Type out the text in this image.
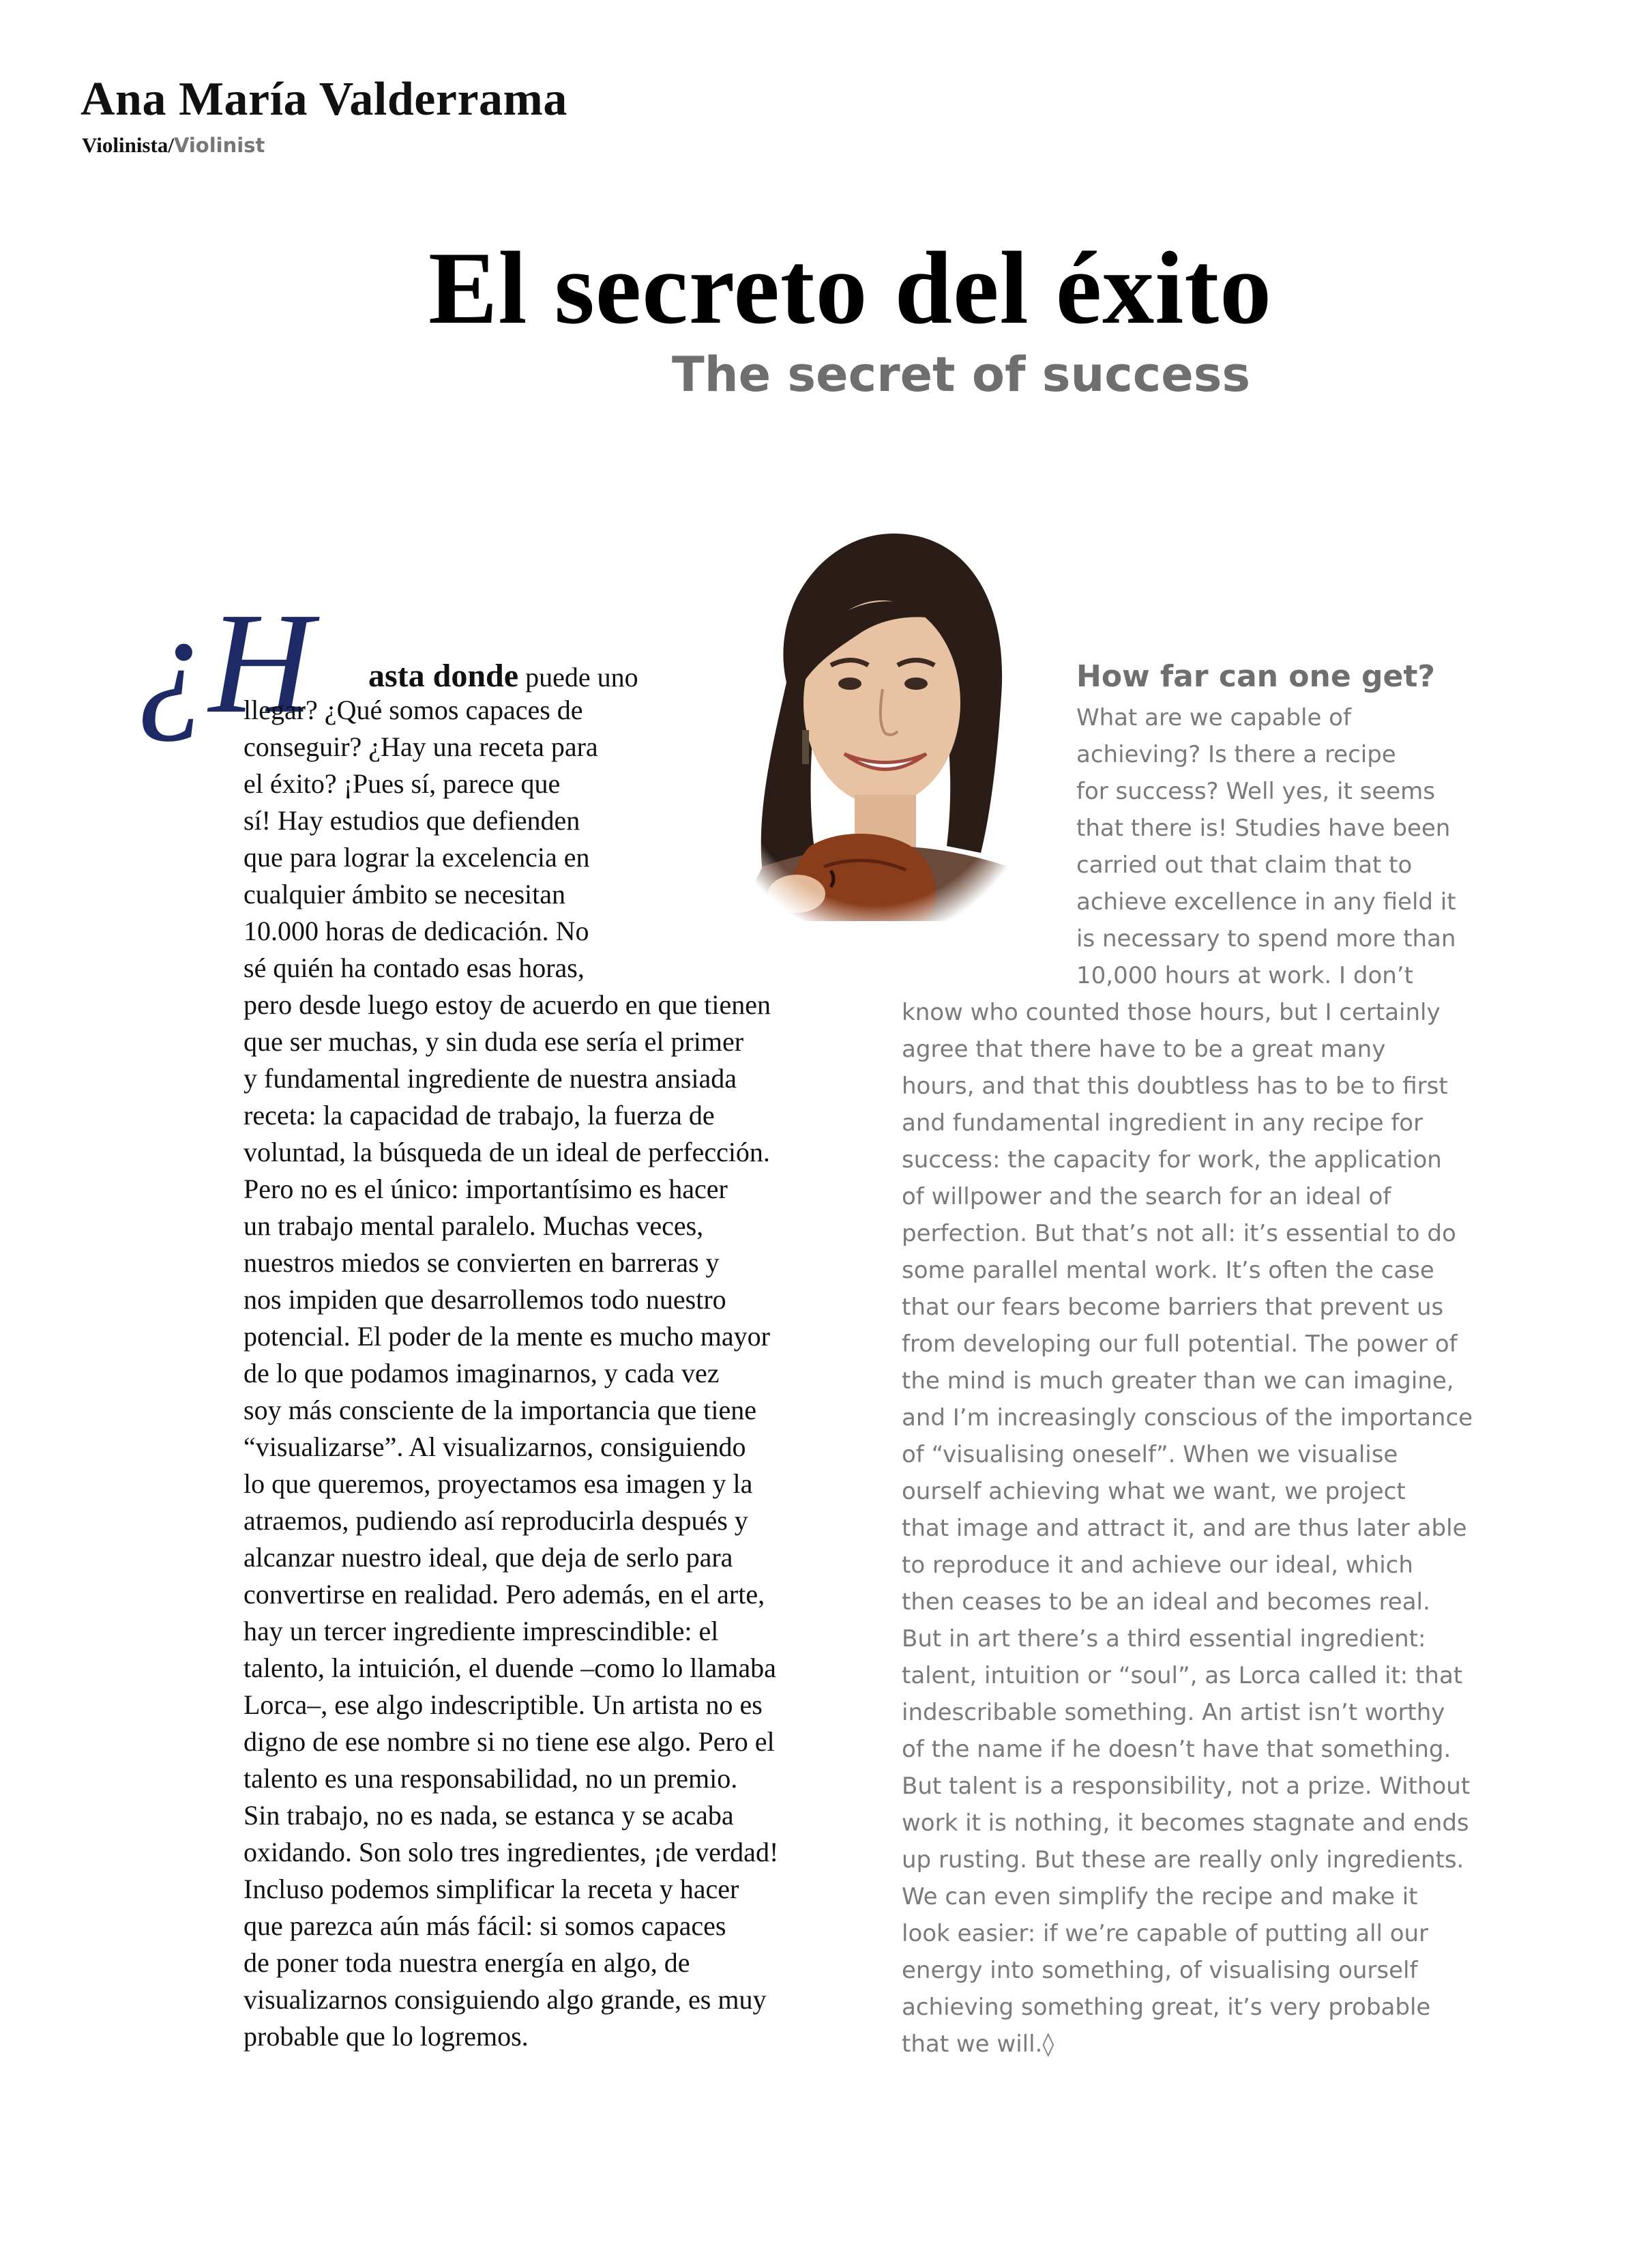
Ana María Valderrama
Violinista/Violinist
El secreto del éxito
The secret of success
¿H asta donde puede uno
llegar? ¿Qué somos capaces de
conseguir? ¿Hay una receta para
el éxito? ¡Pues sí, parece que
sí! Hay estudios que defienden
que para lograr la excelencia en
cualquier ámbito se necesitan
10.000 horas de dedicación. No
sé quién ha contado esas horas,
pero desde luego estoy de acuerdo en que tienen
que ser muchas, y sin duda ese sería el primer
y fundamental ingrediente de nuestra ansiada
receta: la capacidad de trabajo, la fuerza de
voluntad, la búsqueda de un ideal de perfección.
Pero no es el único: importantísimo es hacer
un trabajo mental paralelo. Muchas veces,
nuestros miedos se convierten en barreras y
nos impiden que desarrollemos todo nuestro
potencial. El poder de la mente es mucho mayor
de lo que podamos imaginarnos, y cada vez
soy más consciente de la importancia que tiene
“visualizarse”. Al visualizarnos, consiguiendo
lo que queremos, proyectamos esa imagen y la
atraemos, pudiendo así reproducirla después y
alcanzar nuestro ideal, que deja de serlo para
convertirse en realidad. Pero además, en el arte,
hay un tercer ingrediente imprescindible: el
talento, la intuición, el duende –como lo llamaba
Lorca–, ese algo indescriptible. Un artista no es
digno de ese nombre si no tiene ese algo. Pero el
talento es una responsabilidad, no un premio.
Sin trabajo, no es nada, se estanca y se acaba
oxidando. Son solo tres ingredientes, ¡de verdad!
Incluso podemos simplificar la receta y hacer
que parezca aún más fácil: si somos capaces
de poner toda nuestra energía en algo, de
visualizarnos consiguiendo algo grande, es muy
probable que lo logremos.
How far can one get?
What are we capable of
achieving? Is there a recipe
for success? Well yes, it seems
that there is! Studies have been
carried out that claim that to
achieve excellence in any field it
is necessary to spend more than
10,000 hours at work. I don’t
know who counted those hours, but I certainly
agree that there have to be a great many
hours, and that this doubtless has to be to first
and fundamental ingredient in any recipe for
success: the capacity for work, the application
of willpower and the search for an ideal of
perfection. But that’s not all: it’s essential to do
some parallel mental work. It’s often the case
that our fears become barriers that prevent us
from developing our full potential. The power of
the mind is much greater than we can imagine,
and I’m increasingly conscious of the importance
of “visualising oneself”. When we visualise
ourself achieving what we want, we project
that image and attract it, and are thus later able
to reproduce it and achieve our ideal, which
then ceases to be an ideal and becomes real.
But in art there’s a third essential ingredient:
talent, intuition or “soul”, as Lorca called it: that
indescribable something. An artist isn’t worthy
of the name if he doesn’t have that something.
But talent is a responsibility, not a prize. Without
work it is nothing, it becomes stagnate and ends
up rusting. But these are really only ingredients.
We can even simplify the recipe and make it
look easier: if we’re capable of putting all our
energy into something, of visualising ourself
achieving something great, it’s very probable
that we will.◊
